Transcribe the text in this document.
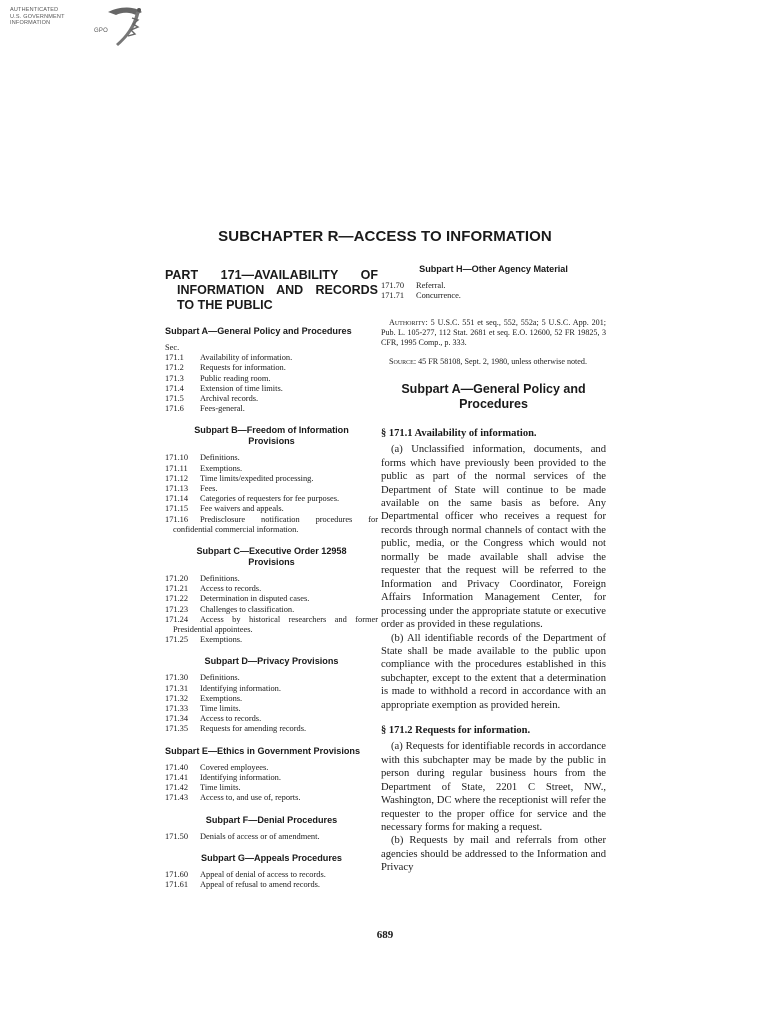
AUTHENTICATED
U.S. GOVERNMENT
INFORMATION
GPO
SUBCHAPTER R—ACCESS TO INFORMATION
PART 171—AVAILABILITY OF INFORMATION AND RECORDS TO THE PUBLIC
Subpart A—General Policy and Procedures
Sec.
171.1 Availability of information.
171.2 Requests for information.
171.3 Public reading room.
171.4 Extension of time limits.
171.5 Archival records.
171.6 Fees-general.
Subpart B—Freedom of Information Provisions
171.10 Definitions.
171.11 Exemptions.
171.12 Time limits/expedited processing.
171.13 Fees.
171.14 Categories of requesters for fee purposes.
171.15 Fee waivers and appeals.
171.16 Predisclosure notification procedures for confidential commercial information.
Subpart C—Executive Order 12958 Provisions
171.20 Definitions.
171.21 Access to records.
171.22 Determination in disputed cases.
171.23 Challenges to classification.
171.24 Access by historical researchers and former Presidential appointees.
171.25 Exemptions.
Subpart D—Privacy Provisions
171.30 Definitions.
171.31 Identifying information.
171.32 Exemptions.
171.33 Time limits.
171.34 Access to records.
171.35 Requests for amending records.
Subpart E—Ethics in Government Provisions
171.40 Covered employees.
171.41 Identifying information.
171.42 Time limits.
171.43 Access to, and use of, reports.
Subpart F—Denial Procedures
171.50 Denials of access or of amendment.
Subpart G—Appeals Procedures
171.60 Appeal of denial of access to records.
171.61 Appeal of refusal to amend records.
Subpart H—Other Agency Material
171.70 Referral.
171.71 Concurrence.

Authority: 5 U.S.C. 551 et seq., 552, 552a; 5 U.S.C. App. 201; Pub. L. 105-277, 112 Stat. 2681 et seq. E.O. 12600, 52 FR 19825, 3 CFR, 1995 Comp., p. 333.

Source: 45 FR 58108, Sept. 2, 1980, unless otherwise noted.

Subpart A—General Policy and Procedures
§ 171.1 Availability of information.

(a) Unclassified information, documents, and forms which have previously been provided to the public as part of the normal services of the Department of State will continue to be made available on the same basis as before. Any Departmental officer who receives a request for records through normal channels of contact with the public, media, or the Congress which would not normally be made available shall advise the requester that the request will be referred to the Information and Privacy Coordinator, Foreign Affairs Information Management Center, for processing under the appropriate statute or executive order as provided in these regulations.

(b) All identifiable records of the Department of State shall be made available to the public upon compliance with the procedures established in this subchapter, except to the extent that a determination is made to withhold a record in accordance with an appropriate exemption as provided herein.

§ 171.2 Requests for information.

(a) Requests for identifiable records in accordance with this subchapter may be made by the public in person during regular business hours from the Department of State, 2201 C Street, NW., Washington, DC where the receptionist will refer the requester to the proper office for service and the necessary forms for making a request.

(b) Requests by mail and referrals from other agencies should be addressed to the Information and Privacy

689
